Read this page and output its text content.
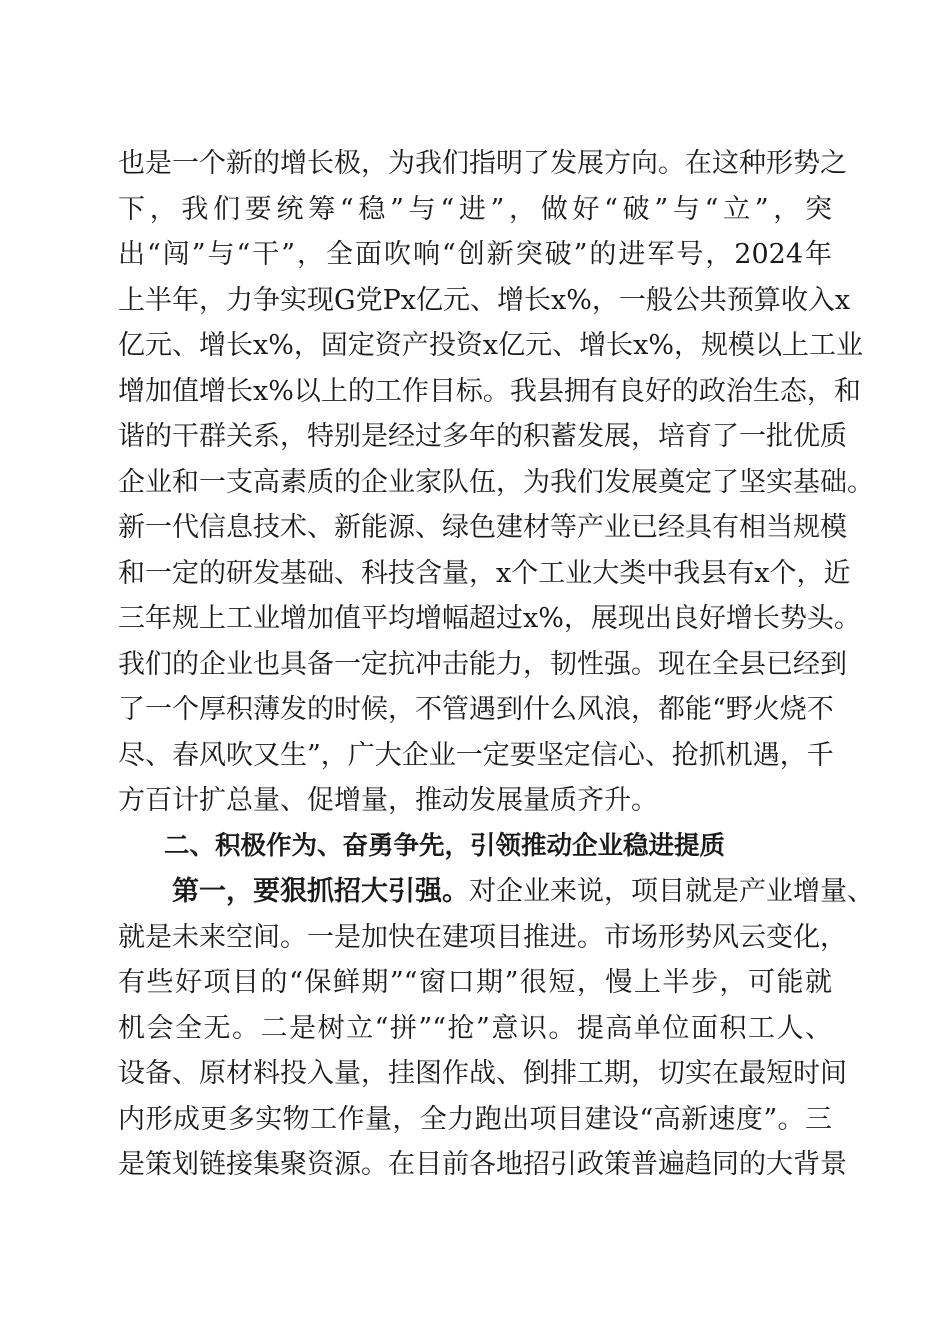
也是一个新的增长极，为我们指明了发展方向。在这种形势之
下，我们要统筹“稳”与“进”，做好“破”与“立”，突
出“闯”与“干”，全面吹响“创新突破”的进军号，2024年
上半年，力争实现G党Px亿元、增长x%，一般公共预算收入x
亿元、增长x%，固定资产投资x亿元、增长x%，规模以上工业
增加值增长x%以上的工作目标。我县拥有良好的政治生态，和
谐的干群关系，特别是经过多年的积蓄发展，培育了一批优质
企业和一支高素质的企业家队伍，为我们发展奠定了坚实基础。
新一代信息技术、新能源、绿色建材等产业已经具有相当规模
和一定的研发基础、科技含量，x个工业大类中我县有x个，近
三年规上工业增加值平均增幅超过x%，展现出良好增长势头。
我们的企业也具备一定抗冲击能力，韧性强。现在全县已经到
了一个厚积薄发的时候，不管遇到什么风浪，都能“野火烧不
尽、春风吹又生”，广大企业一定要坚定信心、抢抓机遇，千
方百计扩总量、促增量，推动发展量质齐升。
二、积极作为、奋勇争先，引领推动企业稳进提质
第一，要狠抓招大引强。对企业来说，项目就是产业增量、
就是未来空间。一是加快在建项目推进。市场形势风云变化，
有些好项目的“保鲜期”“窗口期”很短，慢上半步，可能就
机会全无。二是树立“拼”“抢”意识。提高单位面积工人、
设备、原材料投入量，挂图作战、倒排工期，切实在最短时间
内形成更多实物工作量，全力跑出项目建设“高新速度”。三
是策划链接集聚资源。在目前各地招引政策普遍趋同的大背景
